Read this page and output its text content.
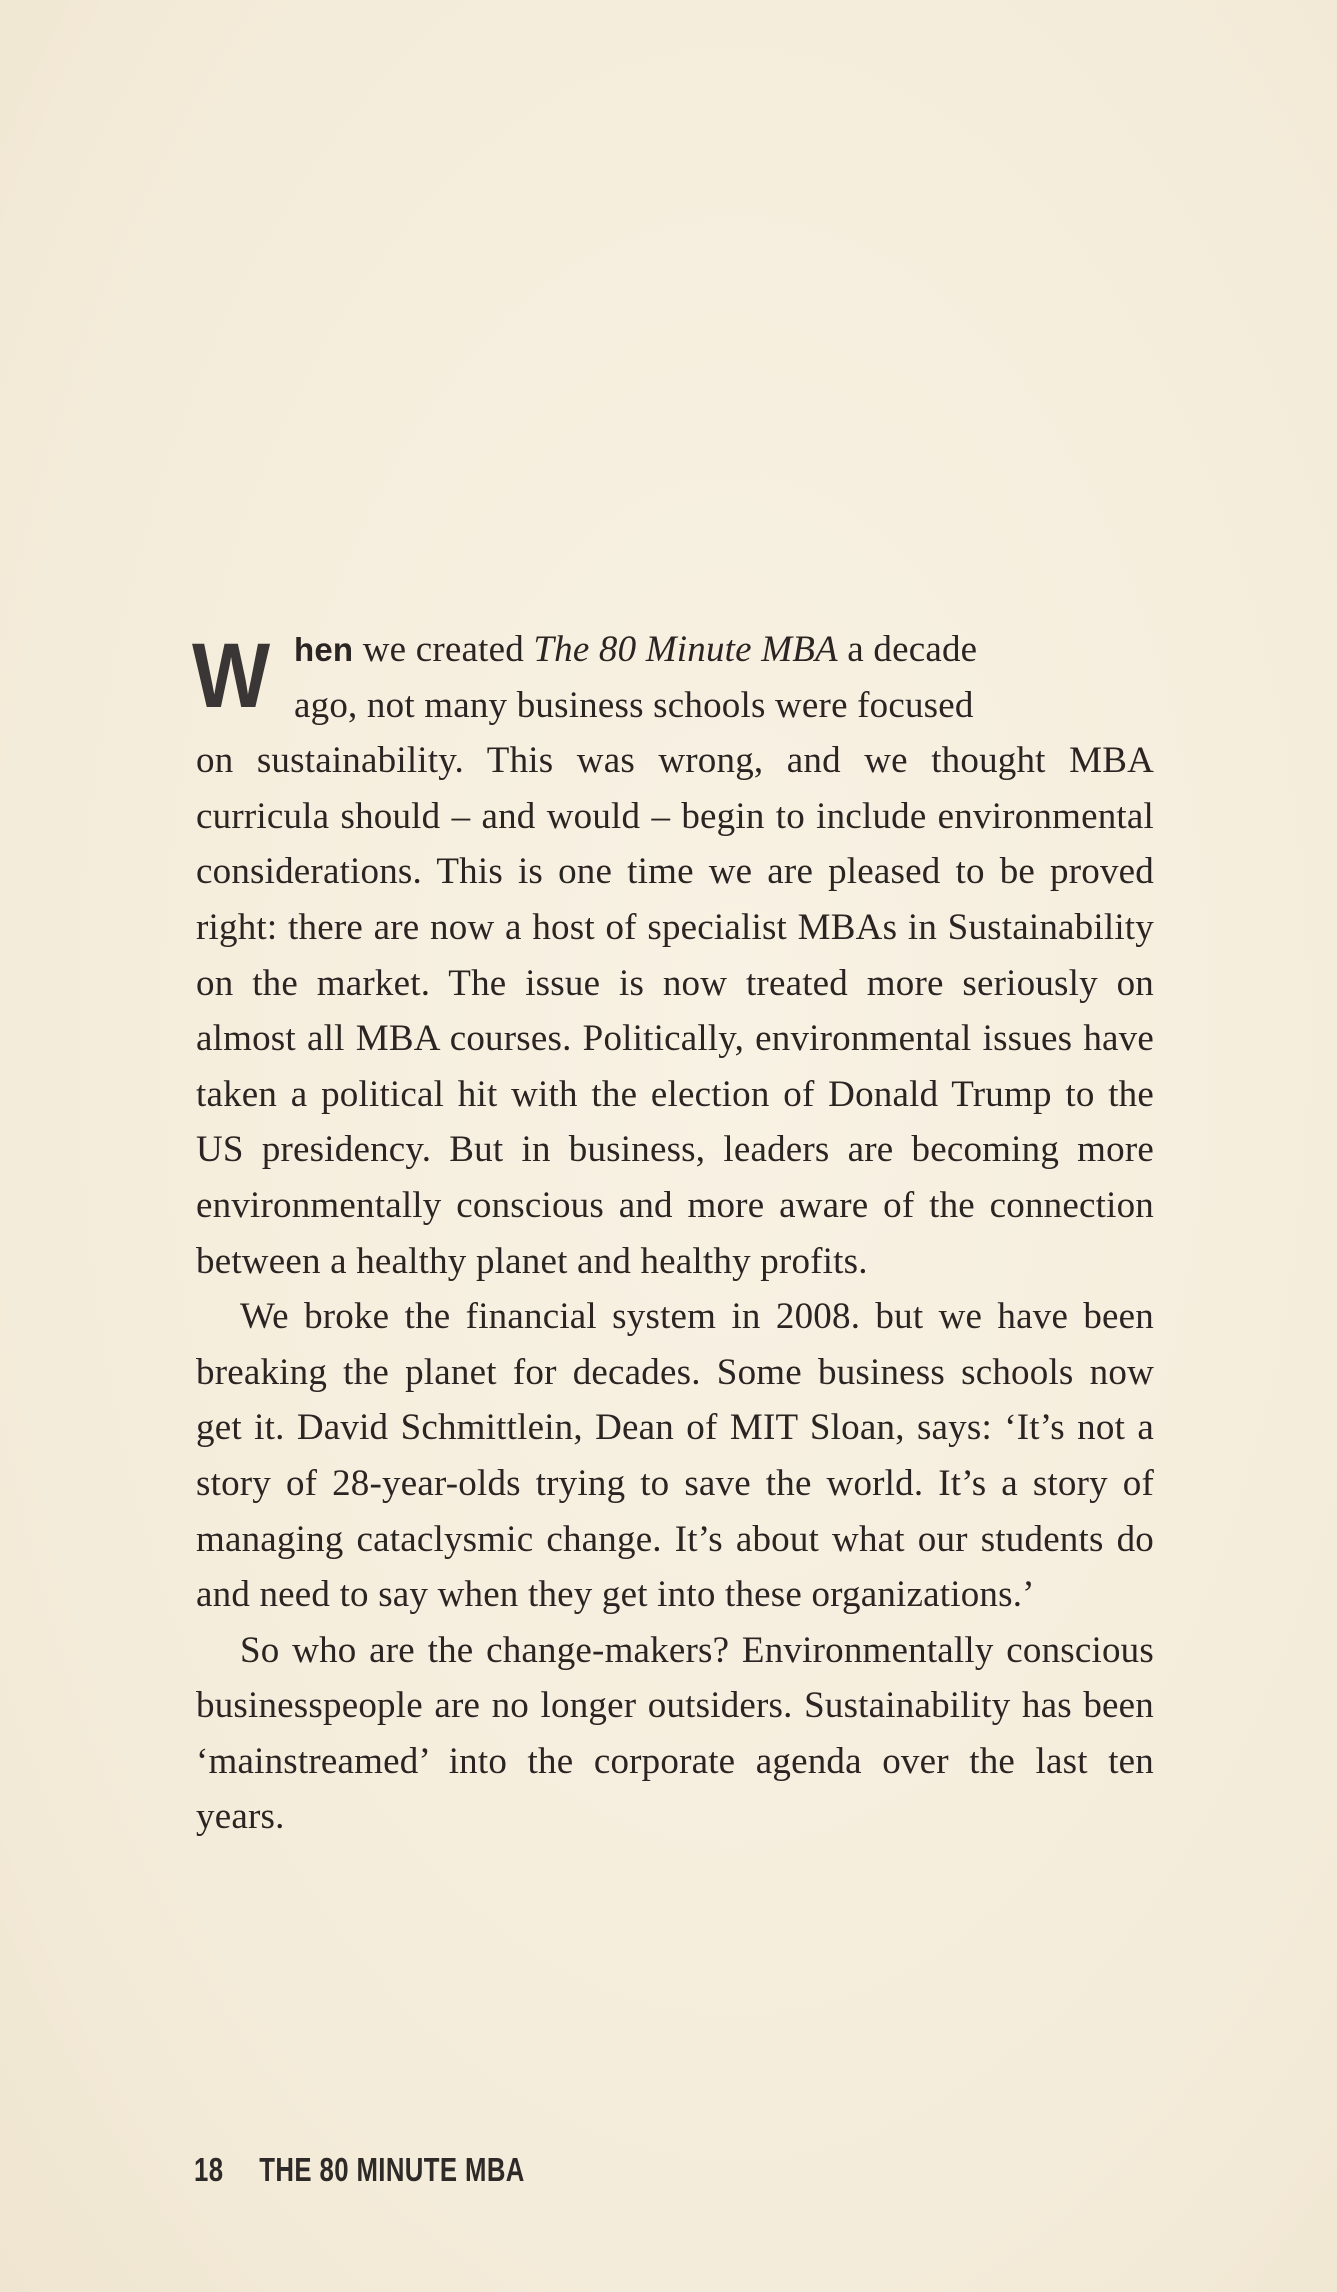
W hen we created The 80 Minute MBA a decade
ago, not many business schools were focused
on sustainability. This was wrong, and we thought MBA curricula should – and would – begin to include environmental considerations. This is one time we are pleased to be proved right: there are now a host of specialist MBAs in Sustainability on the market. The issue is now treated more seriously on almost all MBA courses. Politically, environmental issues have taken a political hit with the election of Donald Trump to the US presidency. But in business, leaders are becoming more environmentally conscious and more aware of the connection between a healthy planet and healthy profits.

We broke the financial system in 2008. but we have been breaking the planet for decades. Some business schools now get it. David Schmittlein, Dean of MIT Sloan, says: ‘It’s not a story of 28-year-olds trying to save the world. It’s a story of managing cataclysmic change. It’s about what our students do and need to say when they get into these organizations.’

So who are the change-makers? Environmentally conscious businesspeople are no longer outsiders. Sustainability has been ‘mainstreamed’ into the corporate agenda over the last ten years.

18 THE 80 MINUTE MBA
